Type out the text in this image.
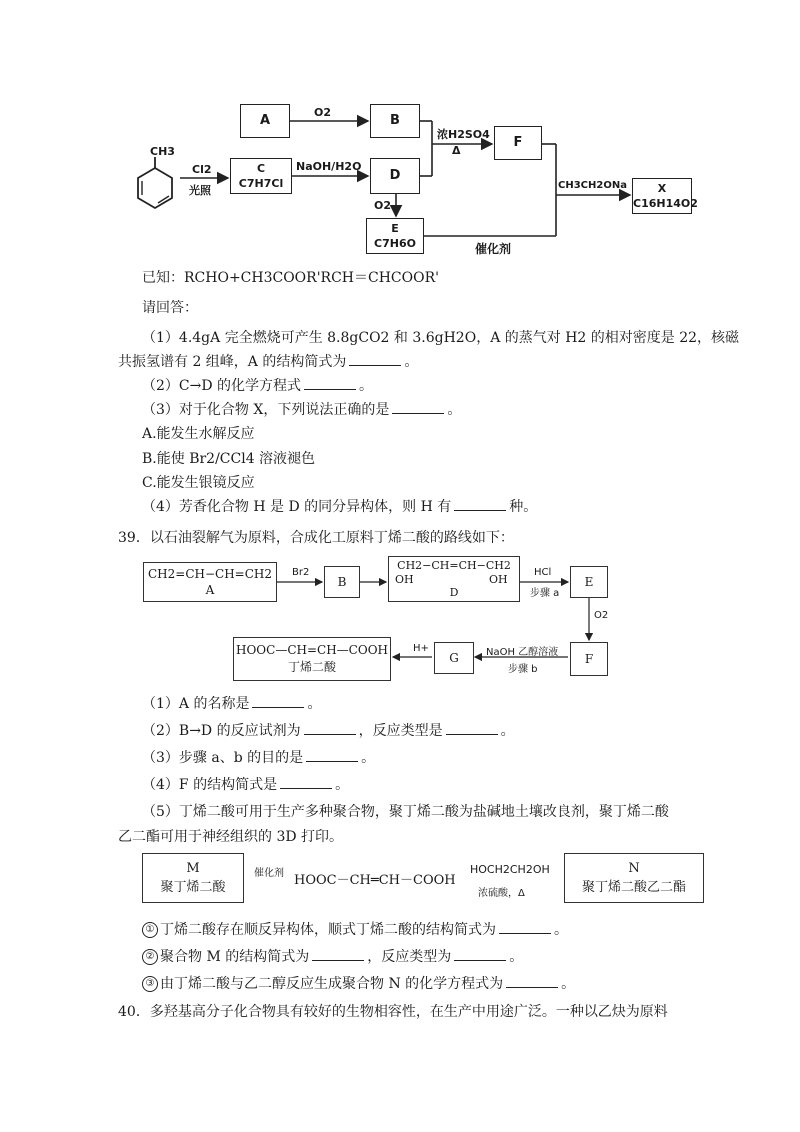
CH3
Cl2
光照
A
O2
B
C
C7H7Cl
NaOH/H2O
D
浓H2SO4
Δ
F
O2
E
C7H6O	催化剂
CH3CH2ONa	X
C16H14O2
已知：RCHO+CH3COOR'RCH＝CHCOOR'
请回答：
（1）4.4gA 完全燃烧可产生 8.8gCO2 和 3.6gH2O，A 的蒸气对 H2 的相对密度是 22，核磁
共振氢谱有 2 组峰，A 的结构简式为	。
（2）C→D 的化学方程式	。
（3）对于化合物 X，下列说法正确的是	。
A.能发生水解反应
B.能使 Br2/CCl4 溶液褪色
C.能发生银镜反应
（4）芳香化合物 H 是 D 的同分异构体，则 H 有	种。
39．以石油裂解气为原料，合成化工原料丁烯二酸的路线如下：
CH2=CH−CH=CH2
A
Br2
B
CH2−CH=CH−CH2
OH	OH
D
HCl
步骤 a
E
O2
F
NaOH 乙醇溶液
步骤 b
G
H+
HOOC—CH=CH—COOH
丁烯二酸
（1）A 的名称是	。
（2）B→D 的反应试剂为	，反应类型是	。
（3）步骤 a、b 的目的是	。
（4）F 的结构简式是	。
（5）丁烯二酸可用于生产多种聚合物，聚丁烯二酸为盐碱地土壤改良剂，聚丁烯二酸
乙二酯可用于神经组织的 3D 打印。
M
聚丁烯二酸
催化剂 HOOC－CH═CH－COOH
HOCH2CH2OH
浓硫酸，Δ
N
聚丁烯二酸乙二酯
① 丁烯二酸存在顺反异构体，顺式丁烯二酸的结构简式为	。
② 聚合物 M 的结构简式为	，反应类型为	。
③ 由丁烯二酸与乙二醇反应生成聚合物 N 的化学方程式为	。
40．多羟基高分子化合物具有较好的生物相容性，在生产中用途广泛。一种以乙炔为原料
